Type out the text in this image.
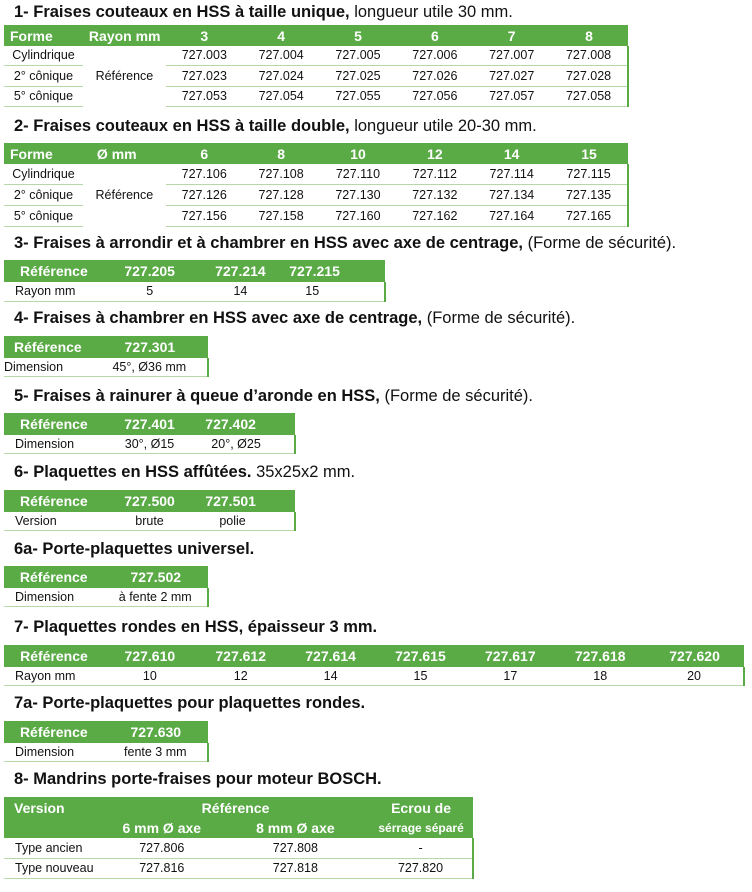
1- Fraises couteaux en HSS à taille unique, longueur utile 30 mm.
Forme	Rayon mm	3	4	5	6	7	8
Cylindrique	Référence	727.003	727.004	727.005	727.006	727.007	727.008
2° cônique		727.023	727.024	727.025	727.026	727.027	727.028
5° cônique		727.053	727.054	727.055	727.056	727.057	727.058
2- Fraises couteaux en HSS à taille double, longueur utile 20-30 mm.
Forme	Ø mm	6	8	10	12	14	15
Cylindrique	Référence	727.106	727.108	727.110	727.112	727.114	727.115
2° cônique		727.126	727.128	727.130	727.132	727.134	727.135
5° cônique		727.156	727.158	727.160	727.162	727.164	727.165
3- Fraises à arrondir et à chambrer en HSS avec axe de centrage, (Forme de sécurité).
Référence	727.205	727.214	727.215
Rayon mm	5	14	15
4- Fraises à chambrer en HSS avec axe de centrage, (Forme de sécurité).
Référence	727.301
Dimension	45°, Ø36 mm
5- Fraises à rainurer à queue d’aronde en HSS, (Forme de sécurité).
Référence	727.401	727.402
Dimension	30°, Ø15	20°, Ø25
6- Plaquettes en HSS affûtées. 35x25x2 mm.
Référence	727.500	727.501
Version	brute	polie
6a- Porte-plaquettes universel.
Référence	727.502
Dimension	à fente 2 mm
7- Plaquettes rondes en HSS, épaisseur 3 mm.
Référence	727.610	727.612	727.614	727.615	727.617	727.618	727.620
Rayon mm	10	12	14	15	17	18	20
7a- Porte-plaquettes pour plaquettes rondes.
Référence	727.630
Dimension	fente 3 mm
8- Mandrins porte-fraises pour moteur BOSCH.
Version	Référence		Ecrou de
	6 mm Ø axe	8 mm Ø axe	sérrage séparé
Type ancien	727.806	727.808	-
Type nouveau	727.816	727.818	727.820
